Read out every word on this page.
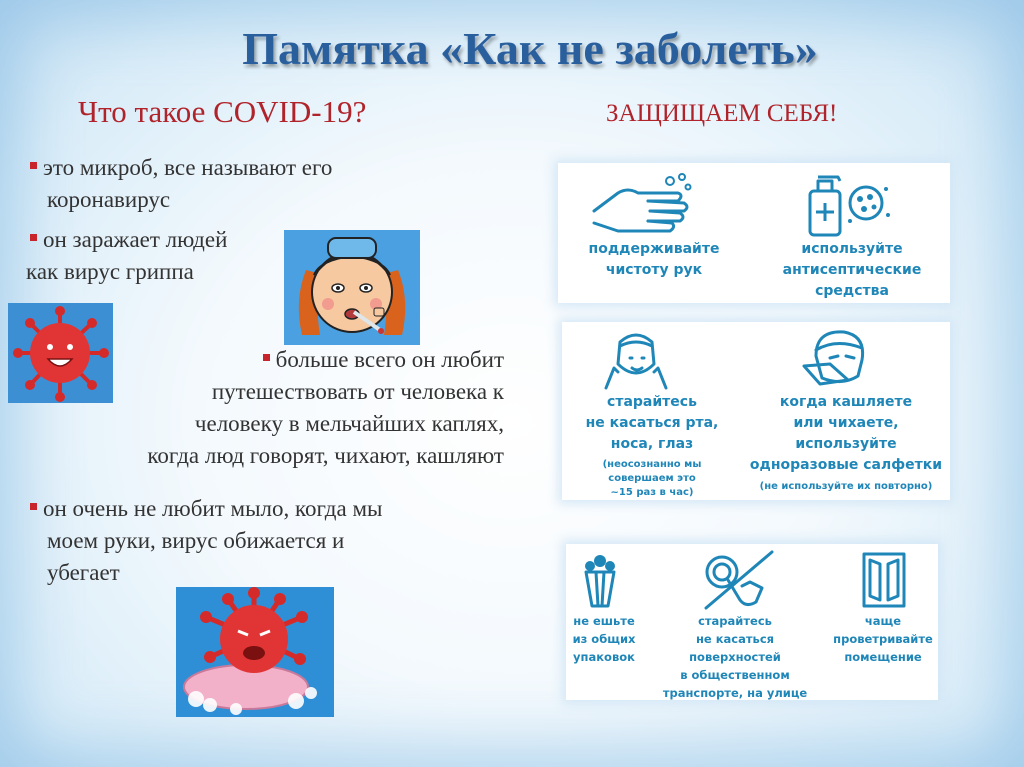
Памятка «Как не заболеть»
Что такое COVID-19?	ЗАЩИЩАЕМ СЕБЯ!
это микроб, все называют его
коронавирус
он заражает людей
как вирус гриппа
больше всего он любит
путешествовать от человека к
человеку в мельчайших каплях,
когда люд говорят, чихают, кашляют
он очень не любит мыло, когда мы
моем руки, вирус обижается и
убегает
поддерживайте
чистоту рук
используйте
антисептические
средства
старайтесь
не касаться рта,
носа, глаз
(неосознанно мы
совершаем это
~15 раз в час)
когда кашляете
или чихаете,
используйте
одноразовые салфетки
(не используйте их повторно)
не ешьте
из общих
упаковок
старайтесь
не касаться
поверхностей
в общественном
транспорте, на улице
чаще
проветривайте
помещение
